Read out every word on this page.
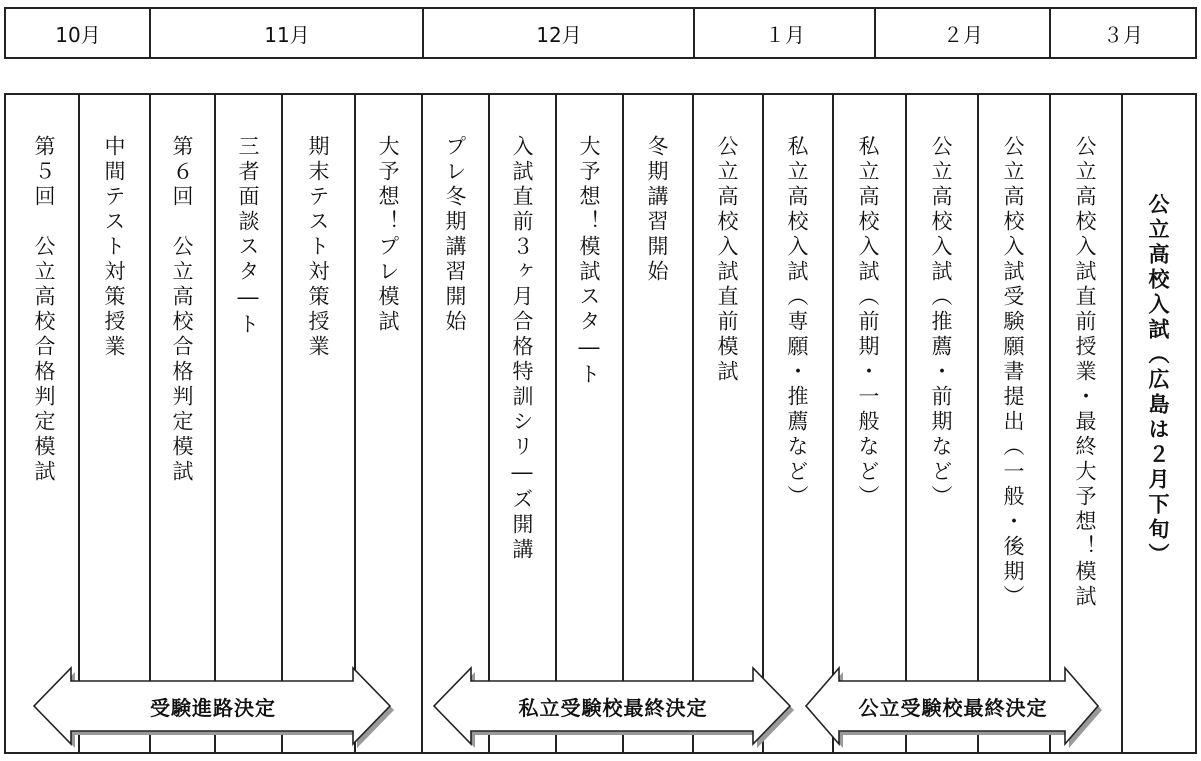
10月	11月	12月	１月	２月	３月
第５回　公立高校合格判定模試	中間テスト対策授業	第６回　公立高校合格判定模試	三者面談スタ―ト	期末テスト対策授業	大予想！プレ模試	プレ冬期講習開始	入試直前３ヶ月合格特訓シリ―ズ開講	大予想！模試スタ―ト	冬期講習開始	公立高校入試直前模試	私立高校入試︵専願・推薦など︶	私立高校入試︵前期・一般など︶	公立高校入試︵推薦・前期など︶	公立高校入試受験願書提出︵一般・後期︶	公立高校入試直前授業・最終大予想！模試	公立高校入試︵広島は２月下旬︶
受験進路決定	私立受験校最終決定	公立受験校最終決定
